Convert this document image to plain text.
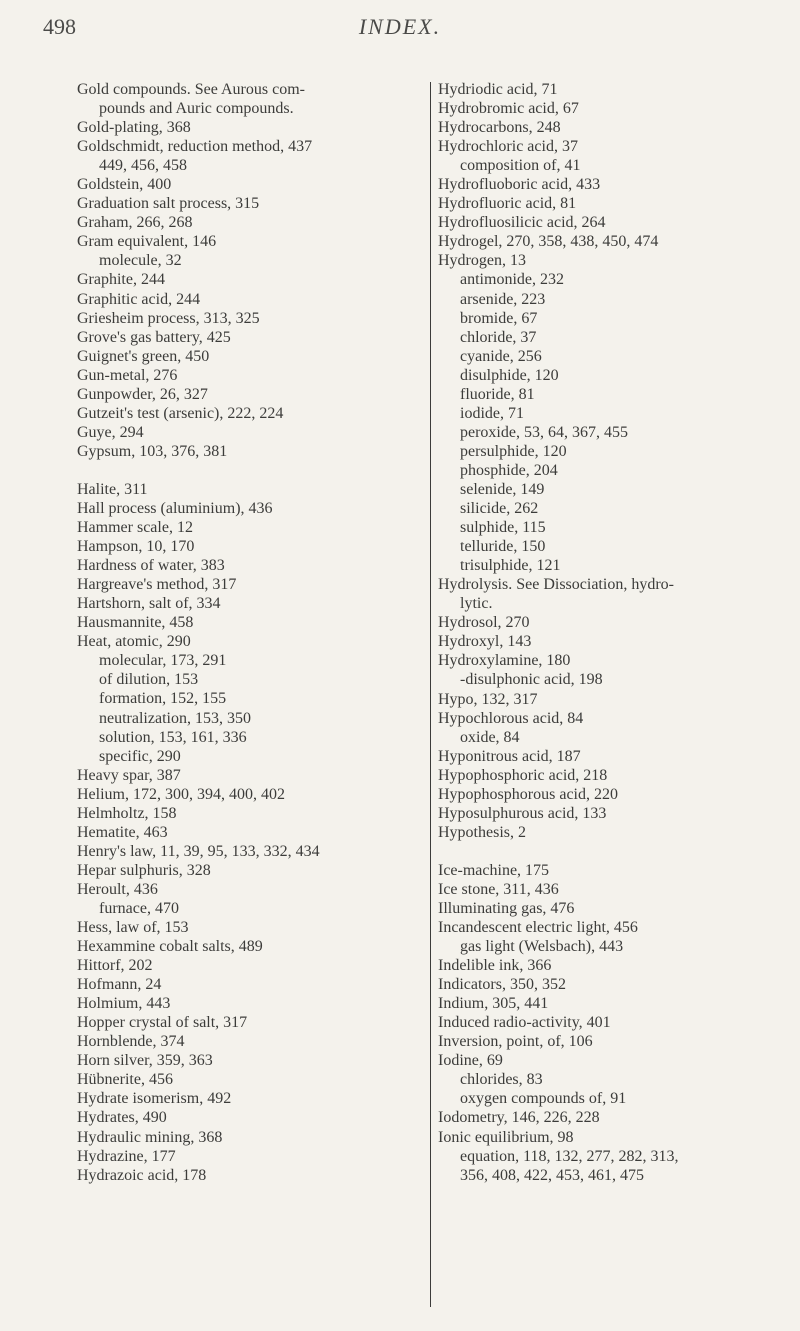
498	INDEX.
Gold compounds. See Aurous com-
pounds and Auric compounds.
Gold-plating, 368
Goldschmidt, reduction method, 437
449, 456, 458
Goldstein, 400
Graduation salt process, 315
Graham, 266, 268
Gram equivalent, 146
molecule, 32
Graphite, 244
Graphitic acid, 244
Griesheim process, 313, 325
Grove's gas battery, 425
Guignet's green, 450
Gun-metal, 276
Gunpowder, 26, 327
Gutzeit's test (arsenic), 222, 224
Guye, 294
Gypsum, 103, 376, 381
Halite, 311
Hall process (aluminium), 436
Hammer scale, 12
Hampson, 10, 170
Hardness of water, 383
Hargreave's method, 317
Hartshorn, salt of, 334
Hausmannite, 458
Heat, atomic, 290
molecular, 173, 291
of dilution, 153
formation, 152, 155
neutralization, 153, 350
solution, 153, 161, 336
specific, 290
Heavy spar, 387
Helium, 172, 300, 394, 400, 402
Helmholtz, 158
Hematite, 463
Henry's law, 11, 39, 95, 133, 332, 434
Hepar sulphuris, 328
Heroult, 436
furnace, 470
Hess, law of, 153
Hexammine cobalt salts, 489
Hittorf, 202
Hofmann, 24
Holmium, 443
Hopper crystal of salt, 317
Hornblende, 374
Horn silver, 359, 363
Hübnerite, 456
Hydrate isomerism, 492
Hydrates, 490
Hydraulic mining, 368
Hydrazine, 177
Hydrazoic acid, 178
Hydriodic acid, 71
Hydrobromic acid, 67
Hydrocarbons, 248
Hydrochloric acid, 37
composition of, 41
Hydrofluoboric acid, 433
Hydrofluoric acid, 81
Hydrofluosilicic acid, 264
Hydrogel, 270, 358, 438, 450, 474
Hydrogen, 13
antimonide, 232
arsenide, 223
bromide, 67
chloride, 37
cyanide, 256
disulphide, 120
fluoride, 81
iodide, 71
peroxide, 53, 64, 367, 455
persulphide, 120
phosphide, 204
selenide, 149
silicide, 262
sulphide, 115
telluride, 150
trisulphide, 121
Hydrolysis. See Dissociation, hydro-
lytic.
Hydrosol, 270
Hydroxyl, 143
Hydroxylamine, 180
-disulphonic acid, 198
Hypo, 132, 317
Hypochlorous acid, 84
oxide, 84
Hyponitrous acid, 187
Hypophosphoric acid, 218
Hypophosphorous acid, 220
Hyposulphurous acid, 133
Hypothesis, 2
Ice-machine, 175
Ice stone, 311, 436
Illuminating gas, 476
Incandescent electric light, 456
gas light (Welsbach), 443
Indelible ink, 366
Indicators, 350, 352
Indium, 305, 441
Induced radio-activity, 401
Inversion, point, of, 106
Iodine, 69
chlorides, 83
oxygen compounds of, 91
Iodometry, 146, 226, 228
Ionic equilibrium, 98
equation, 118, 132, 277, 282, 313,
356, 408, 422, 453, 461, 475
